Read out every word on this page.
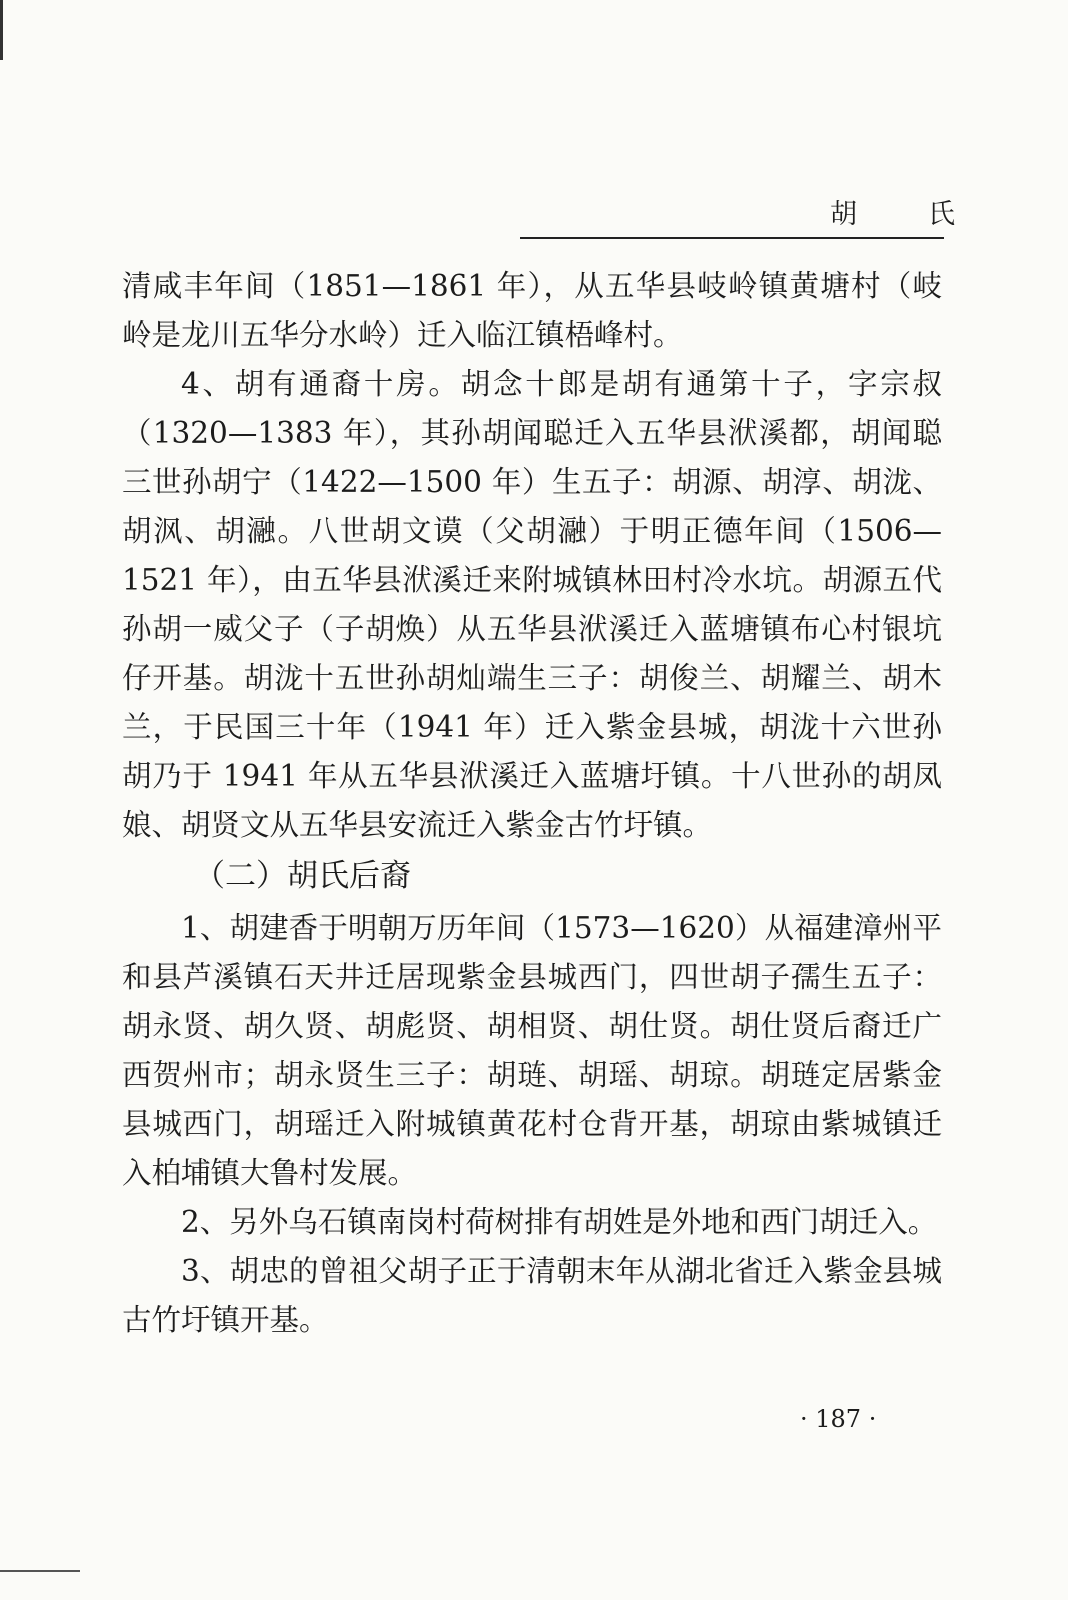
胡　氏

清咸丰年间（1851—1861 年），从五华县岐岭镇黄塘村（岐岭是龙川五华分水岭）迁入临江镇梧峰村。

4、胡有通裔十房。胡念十郎是胡有通第十子，字宗叔（1320—1383 年），其孙胡闻聪迁入五华县洑溪都，胡闻聪三世孙胡宁（1422—1500 年）生五子：胡源、胡淳、胡泷、胡沨、胡瀜。八世胡文谟（父胡瀜）于明正德年间（1506—1521 年），由五华县洑溪迁来附城镇林田村冷水坑。胡源五代孙胡一威父子（子胡焕）从五华县洑溪迁入蓝塘镇布心村银坑仔开基。胡泷十五世孙胡灿端生三子：胡俊兰、胡耀兰、胡木兰，于民国三十年（1941 年）迁入紫金县城，胡泷十六世孙胡乃于 1941 年从五华县洑溪迁入蓝塘圩镇。十八世孙的胡凤娘、胡贤文从五华县安流迁入紫金古竹圩镇。

（二）胡氏后裔

1、胡建香于明朝万历年间（1573—1620）从福建漳州平和县芦溪镇石天井迁居现紫金县城西门，四世胡子孺生五子：胡永贤、胡久贤、胡彪贤、胡相贤、胡仕贤。胡仕贤后裔迁广西贺州市；胡永贤生三子：胡琏、胡瑶、胡琼。胡琏定居紫金县城西门，胡瑶迁入附城镇黄花村仓背开基，胡琼由紫城镇迁入柏埔镇大鲁村发展。

2、另外乌石镇南岗村荷树排有胡姓是外地和西门胡迁入。

3、胡忠的曾祖父胡子正于清朝末年从湖北省迁入紫金县城古竹圩镇开基。

· 187 ·
